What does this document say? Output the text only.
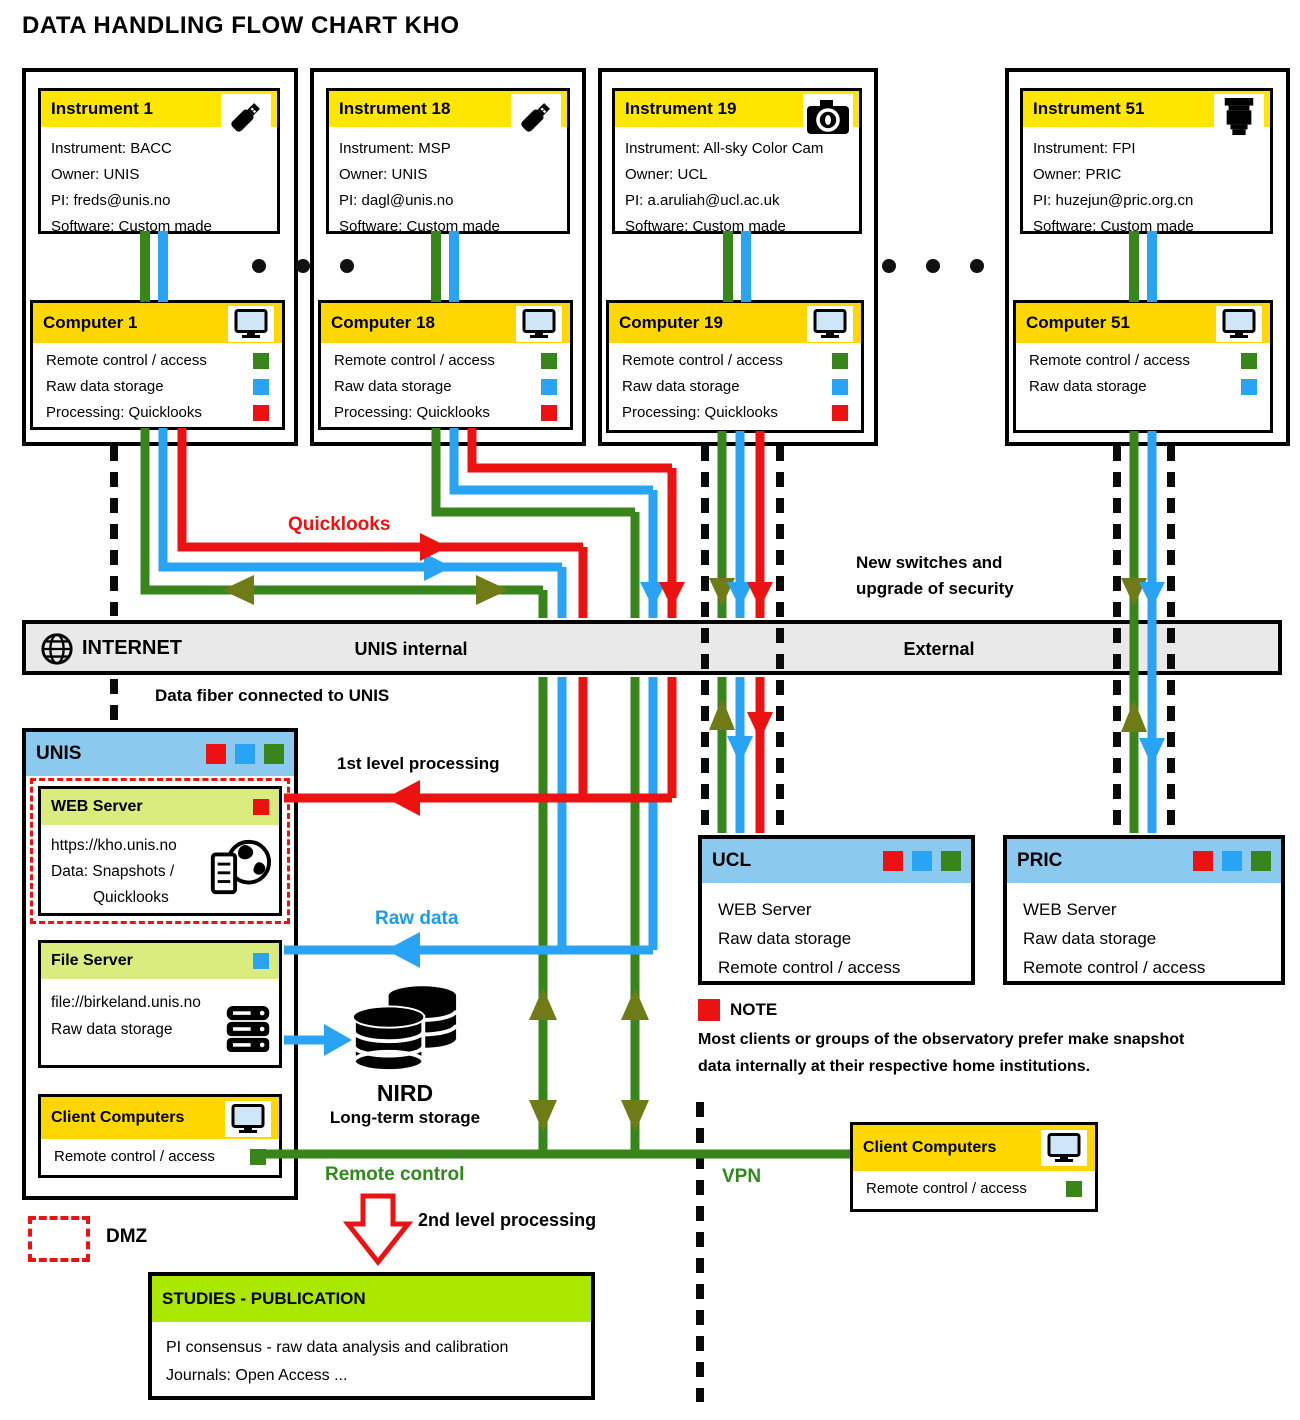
DATA HANDLING FLOW CHART KHO
Instrument 1
Instrument: BACC
Owner: UNIS
PI: freds@unis.no
Software: Custom made
Computer 1
Remote control / access
Raw data storage
Processing: Quicklooks
Instrument 18
Instrument: MSP
Owner: UNIS
PI: dagl@unis.no
Software: Custom made
Computer 18
Remote control / access
Raw data storage
Processing: Quicklooks
Instrument 19
Instrument: All-sky Color Cam
Owner: UCL
PI: a.aruliah@ucl.ac.uk
Software: Custom made
Computer 19
Remote control / access
Raw data storage
Processing: Quicklooks
Instrument 51
Instrument: FPI
Owner: PRIC
PI: huzejun@pric.org.cn
Software: Custom made
Computer 51
Remote control / access
Raw data storage
INTERNET	UNIS internal	External
UNIS
WEB Server
https://kho.unis.no
Data: Snapshots /
Quicklooks
File Server
file://birkeland.unis.no
Raw data storage
Client Computers
Remote control / access
UCL
WEB Server
Raw data storage
Remote control / access
PRIC
WEB Server
Raw data storage
Remote control / access
NIRD
Long-term storage
NOTE
Most clients or groups of the observatory prefer make snapshot data internally at their respective home institutions.
Client Computers
Remote control / access
STUDIES - PUBLICATION
PI consensus - raw data analysis and calibration
Journals: Open Access ...
Quicklooks
New switches and upgrade of security
Data fiber connected to UNIS
1st level processing
Raw data
Remote control	VPN
2nd level processing
DMZ
